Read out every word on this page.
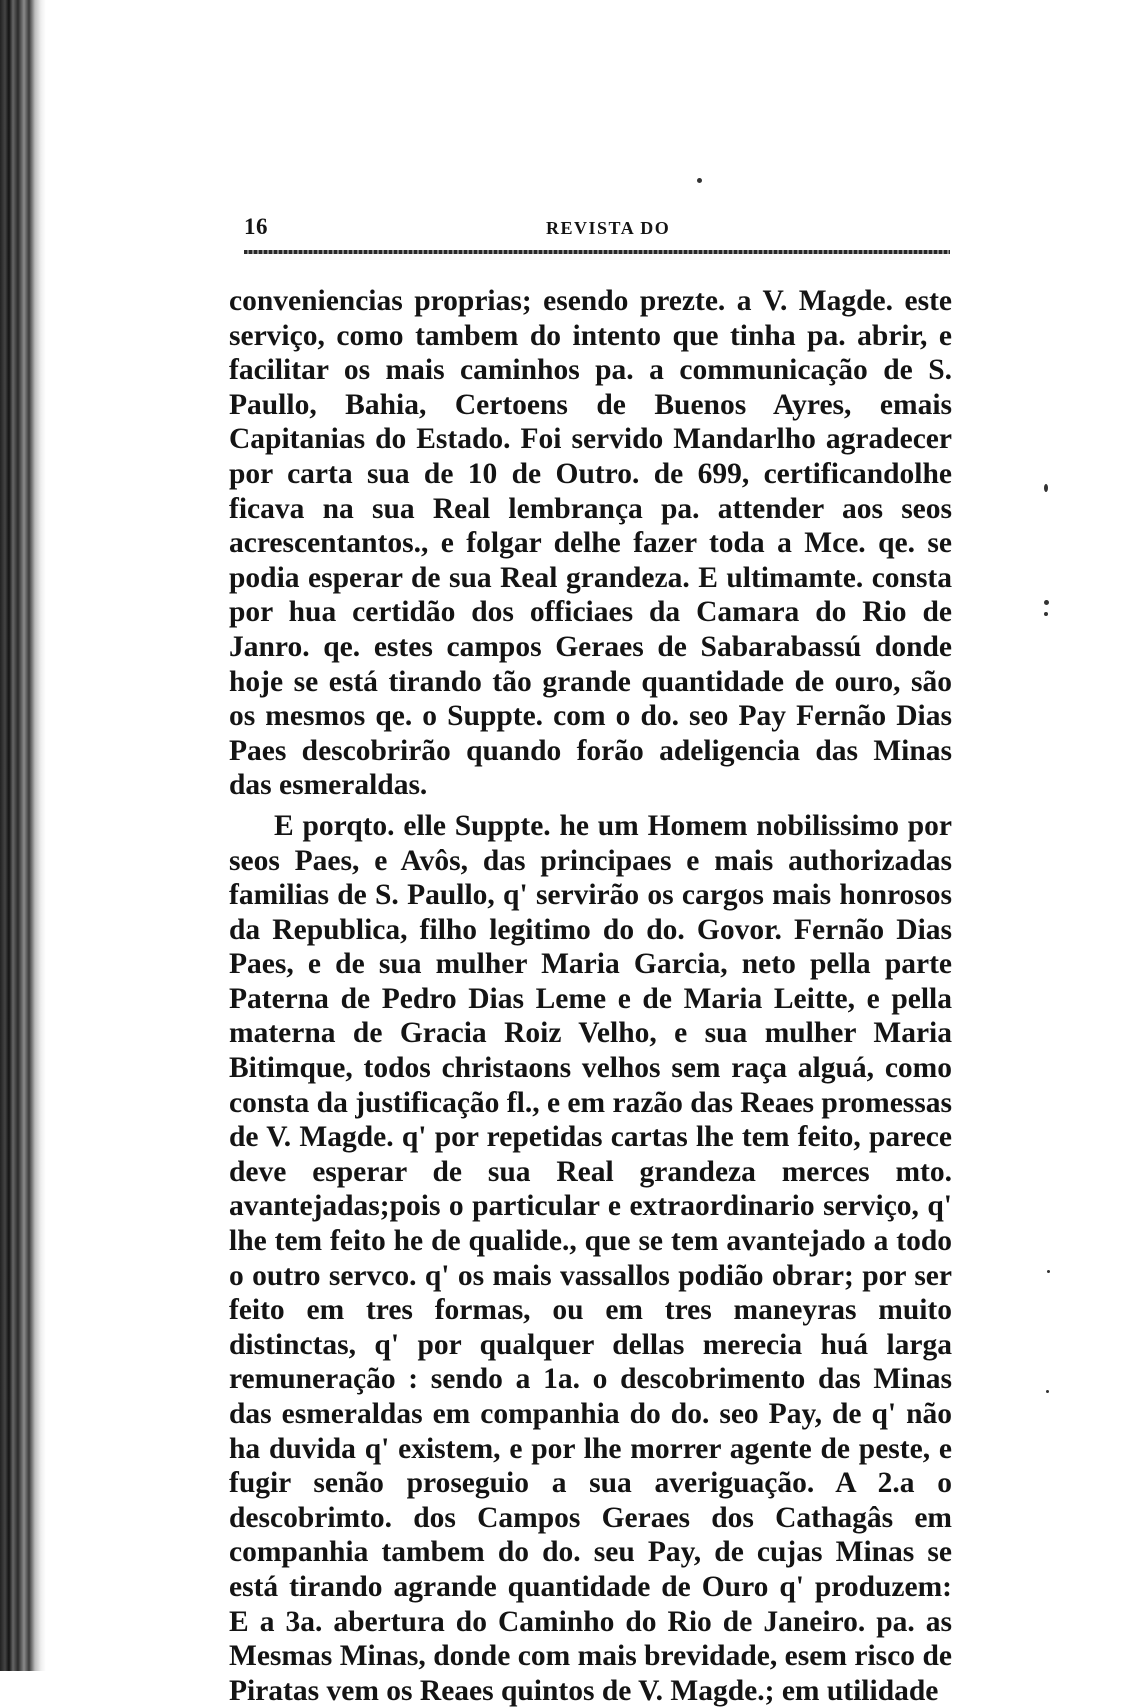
16	REVISTA DO

conveniencias proprias; esendo prezte. a V. Magde. este serviço, como tambem do intento que tinha pa. abrir, e facilitar os mais caminhos pa. a communicação de S. Paullo, Bahia, Certoens de Buenos Ayres, emais Capitanias do Estado. Foi servido Mandarlho agradecer por carta sua de 10 de Outro. de 699, certificandolhe ficava na sua Real lembrança pa. attender aos seos acrescentantos., e folgar delhe fazer toda a Mce. qe. se podia esperar de sua Real grandeza. E ultimamte. consta por hua certidão dos officiaes da Camara do Rio de Janro. qe. estes campos Geraes de Sabarabassú donde hoje se está tirando tão grande quantidade de ouro, são os mesmos qe. o Suppte. com o do. seo Pay Fernão Dias Paes descobrirão quando forão adeligencia das Minas das esmeraldas.

E porqto. elle Suppte. he um Homem nobilissimo por seos Paes, e Avôs, das principaes e mais authorizadas familias de S. Paullo, q' servirão os cargos mais honrosos da Republica, filho legitimo do do. Govor. Fernão Dias Paes, e de sua mulher Maria Garcia, neto pella parte Paterna de Pedro Dias Leme e de Maria Leitte, e pella materna de Gracia Roiz Velho, e sua mulher Maria Bitimque, todos christaons velhos sem raça alguá, como consta da justificação fl., e em razão das Reaes promessas de V. Magde. q' por repetidas cartas lhe tem feito, parece deve esperar de sua Real grandeza merces mto. avantejadas;pois o particular e extraordinario serviço, q' lhe tem feito he de qualide., que se tem avantejado a todo o outro servco. q' os mais vassallos podião obrar; por ser feito em tres formas, ou em tres maneyras muito distinctas, q' por qualquer dellas merecia huá larga remuneração : sendo a 1a. o descobrimento das Minas das esmeraldas em companhia do do. seo Pay, de q' não ha duvida q' existem, e por lhe morrer agente de peste, e fugir senão proseguio a sua averiguação. A 2.a o descobrimto. dos Campos Geraes dos Cathagâs em companhia tambem do do. seu Pay, de cujas Minas se está tirando agrande quantidade de Ouro q' produzem: E a 3a. abertura do Caminho do Rio de Janeiro. pa. as Mesmas Minas, donde com mais brevidade, esem risco de Piratas vem os Reaes quintos de V. Magde.; em utilidade
